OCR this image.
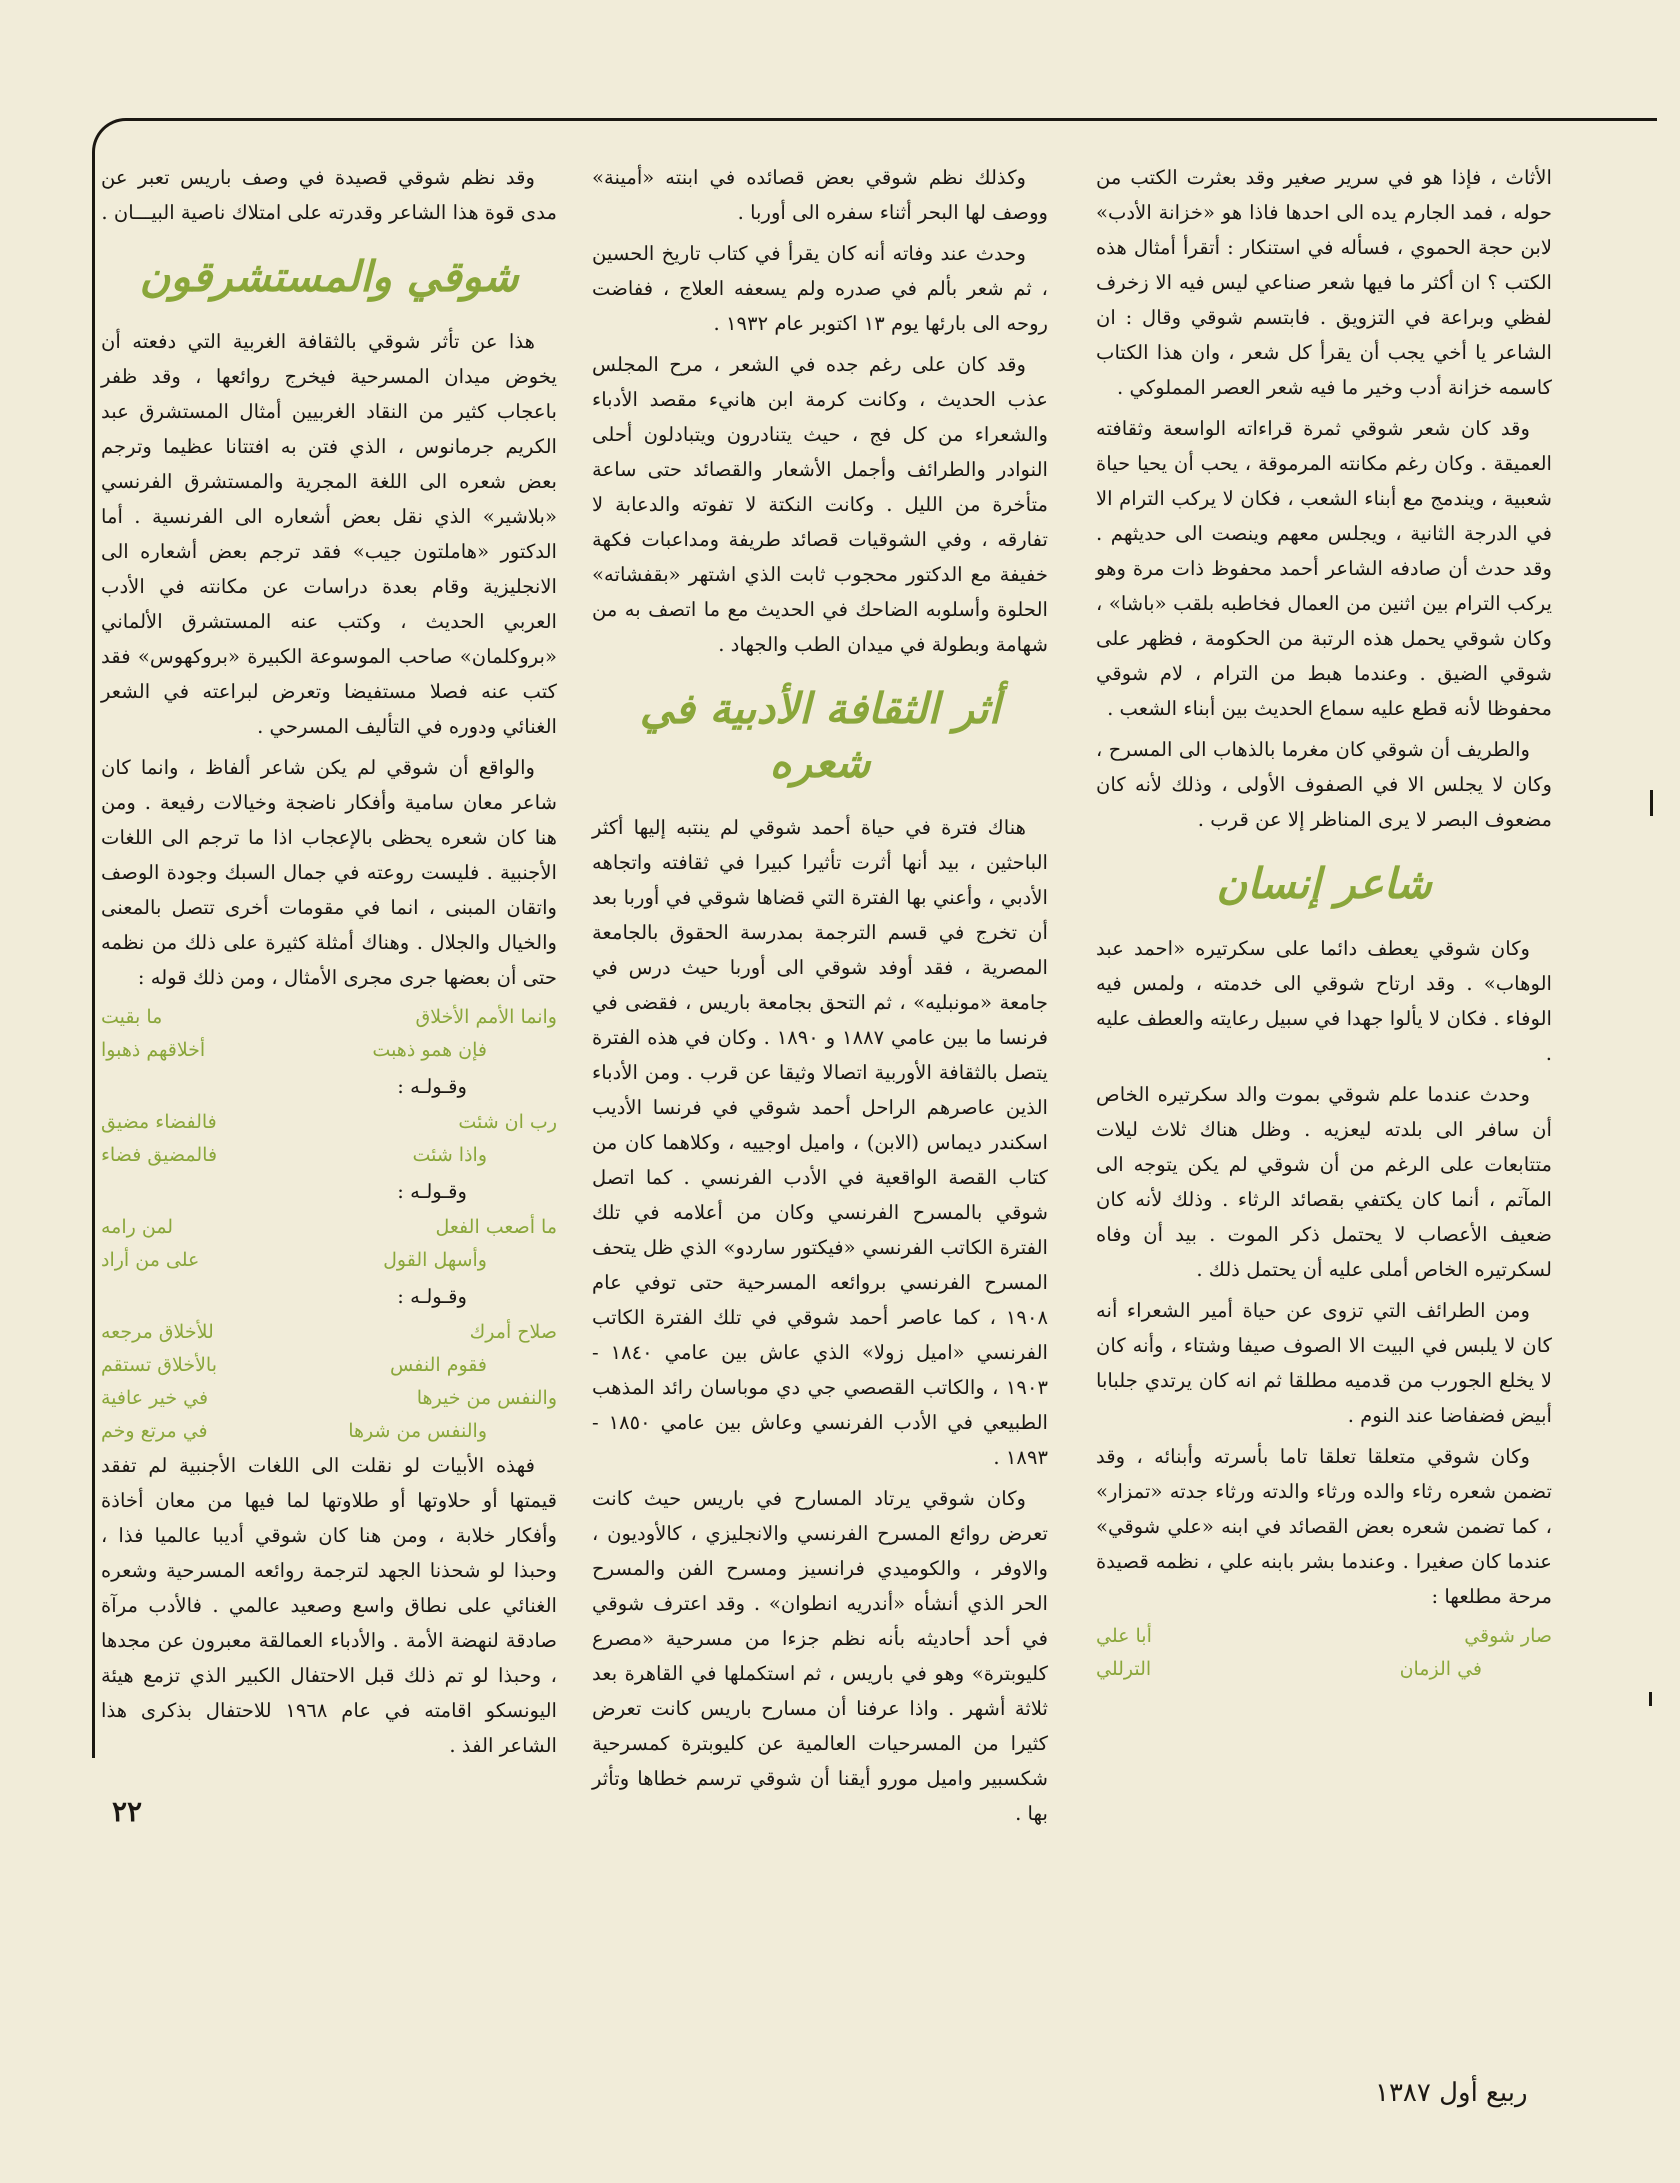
الأثاث ، فإذا هو في سرير صغير وقد بعثرت الكتب من حوله ، فمد الجارم يده الى احدها فاذا هو «خزانة الأدب» لابن حجة الحموي ، فسأله في استنكار : أتقرأ أمثال هذه الكتب ؟ ان أكثر ما فيها شعر صناعي ليس فيه الا زخرف لفظي وبراعة في التزويق . فابتسم شوقي وقال : ان الشاعر يا أخي يجب أن يقرأ كل شعر ، وان هذا الكتاب كاسمه خزانة أدب وخير ما فيه شعر العصر المملوكي .

وقد كان شعر شوقي ثمرة قراءاته الواسعة وثقافته العميقة . وكان رغم مكانته المرموقة ، يحب أن يحيا حياة شعبية ، ويندمج مع أبناء الشعب ، فكان لا يركب الترام الا في الدرجة الثانية ، ويجلس معهم وينصت الى حديثهم . وقد حدث أن صادفه الشاعر أحمد محفوظ ذات مرة وهو يركب الترام بين اثنين من العمال فخاطبه بلقب «باشا» ، وكان شوقي يحمل هذه الرتبة من الحكومة ، فظهر على شوقي الضيق . وعندما هبط من الترام ، لام شوقي محفوظا لأنه قطع عليه سماع الحديث بين أبناء الشعب .

والطريف أن شوقي كان مغرما بالذهاب الى المسرح ، وكان لا يجلس الا في الصفوف الأولى ، وذلك لأنه كان مضعوف البصر لا يرى المناظر إلا عن قرب .

شاعر إنسان

وكان شوقي يعطف دائما على سكرتيره «احمد عبد الوهاب» . وقد ارتاح شوقي الى خدمته ، ولمس فيه الوفاء . فكان لا يألوا جهدا في سبيل رعايته والعطف عليه .

وحدث عندما علم شوقي بموت والد سكرتيره الخاص أن سافر الى بلدته ليعزيه . وظل هناك ثلاث ليلات متتابعات على الرغم من أن شوقي لم يكن يتوجه الى المآتم ، أنما كان يكتفي بقصائد الرثاء . وذلك لأنه كان ضعيف الأعصاب لا يحتمل ذكر الموت . بيد أن وفاه لسكرتيره الخاص أملى عليه أن يحتمل ذلك .

ومن الطرائف التي تزوى عن حياة أمير الشعراء أنه كان لا يلبس في البيت الا الصوف صيفا وشتاء ، وأنه كان لا يخلع الجورب من قدميه مطلقا ثم انه كان يرتدي جلبابا أبيض فضفاضا عند النوم .

وكان شوقي متعلقا تعلقا تاما بأسرته وأبنائه ، وقد تضمن شعره رثاء والده ورثاء والدته ورثاء جدته «تمزار» ، كما تضمن شعره بعض القصائد في ابنه «علي شوقي» عندما كان صغيرا . وعندما بشر بابنه علي ، نظمه قصيدة مرحة مطلعها :

صار شوقي
أبا علي
في الزمان
الترللي

وكذلك نظم شوقي بعض قصائده في ابنته «أمينة» ووصف لها البحر أثناء سفره الى أوربا .

وحدث عند وفاته أنه كان يقرأ في كتاب تاريخ الحسين ، ثم شعر بألم في صدره ولم يسعفه العلاج ، ففاضت روحه الى بارئها يوم ١٣ اكتوبر عام ١٩٣٢ .

وقد كان على رغم جده في الشعر ، مرح المجلس عذب الحديث ، وكانت كرمة ابن هانيء مقصد الأدباء والشعراء من كل فج ، حيث يتنادرون ويتبادلون أحلى النوادر والطرائف وأجمل الأشعار والقصائد حتى ساعة متأخرة من الليل . وكانت النكتة لا تفوته والدعابة لا تفارقه ، وفي الشوقيات قصائد طريفة ومداعبات فكهة خفيفة مع الدكتور محجوب ثابت الذي اشتهر «بقفشاته» الحلوة وأسلوبه الضاحك في الحديث مع ما اتصف به من شهامة وبطولة في ميدان الطب والجهاد .

أثر الثقافة الأدبية في شعره

هناك فترة في حياة أحمد شوقي لم ينتبه إليها أكثر الباحثين ، بيد أنها أثرت تأثيرا كبيرا في ثقافته واتجاهه الأدبي ، وأعني بها الفترة التي قضاها شوقي في أوربا بعد أن تخرج في قسم الترجمة بمدرسة الحقوق بالجامعة المصرية ، فقد أوفد شوقي الى أوربا حيث درس في جامعة «مونبليه» ، ثم التحق بجامعة باريس ، فقضى في فرنسا ما بين عامي ١٨٨٧ و ١٨٩٠ . وكان في هذه الفترة يتصل بالثقافة الأوربية اتصالا وثيقا عن قرب . ومن الأدباء الذين عاصرهم الراحل أحمد شوقي في فرنسا الأديب اسكندر ديماس (الابن) ، واميل اوجييه ، وكلاهما كان من كتاب القصة الواقعية في الأدب الفرنسي . كما اتصل شوقي بالمسرح الفرنسي وكان من أعلامه في تلك الفترة الكاتب الفرنسي «فيكتور ساردو» الذي ظل يتحف المسرح الفرنسي بروائعه المسرحية حتى توفي عام ١٩٠٨ ، كما عاصر أحمد شوقي في تلك الفترة الكاتب الفرنسي «اميل زولا» الذي عاش بين عامي ١٨٤٠ - ١٩٠٣ ، والكاتب القصصي جي دي موباسان رائد المذهب الطبيعي في الأدب الفرنسي وعاش بين عامي ١٨٥٠ - ١٨٩٣ .

وكان شوقي يرتاد المسارح في باريس حيث كانت تعرض روائع المسرح الفرنسي والانجليزي ، كالأوديون ، والاوفر ، والكوميدي فرانسيز ومسرح الفن والمسرح الحر الذي أنشأه «أندريه انطوان» . وقد اعترف شوقي في أحد أحاديثه بأنه نظم جزءا من مسرحية «مصرع كليوبترة» وهو في باريس ، ثم استكملها في القاهرة بعد ثلاثة أشهر . واذا عرفنا أن مسارح باريس كانت تعرض كثيرا من المسرحيات العالمية عن كليوبترة كمسرحية شكسبير واميل مورو أيقنا أن شوقي ترسم خطاها وتأثر بها .

وقد نظم شوقي قصيدة في وصف باريس تعبر عن مدى قوة هذا الشاعر وقدرته على امتلاك ناصية البيـــان .

شوقي والمستشرقون

هذا عن تأثر شوقي بالثقافة الغربية التي دفعته أن يخوض ميدان المسرحية فيخرج روائعها ، وقد ظفر باعجاب كثير من النقاد الغربيين أمثال المستشرق عبد الكريم جرمانوس ، الذي فتن به افتتانا عظيما وترجم بعض شعره الى اللغة المجرية والمستشرق الفرنسي «بلاشير» الذي نقل بعض أشعاره الى الفرنسية . أما الدكتور «هاملتون جيب» فقد ترجم بعض أشعاره الى الانجليزية وقام بعدة دراسات عن مكانته في الأدب العربي الحديث ، وكتب عنه المستشرق الألماني «بروكلمان» صاحب الموسوعة الكبيرة «بروكهوس» فقد كتب عنه فصلا مستفيضا وتعرض لبراعته في الشعر الغنائي ودوره في التأليف المسرحي .

والواقع أن شوقي لم يكن شاعر ألفاظ ، وانما كان شاعر معان سامية وأفكار ناضجة وخيالات رفيعة . ومن هنا كان شعره يحظى بالإعجاب اذا ما ترجم الى اللغات الأجنبية . فليست روعته في جمال السبك وجودة الوصف واتقان المبنى ، انما في مقومات أخرى تتصل بالمعنى والخيال والجلال . وهناك أمثلة كثيرة على ذلك من نظمه حتى أن بعضها جرى مجرى الأمثال ، ومن ذلك قوله :

وانما الأمم الأخلاق
ما بقيت
فإن همو ذهبت
أخلاقهم ذهبوا
وقـولـه :
رب ان شئت
فالفضاء مضيق
واذا شئت
فالمضيق فضاء
وقـولـه :
ما أصعب الفعل
لمن رامه
وأسهل القول
على من أراد
وقـولـه :
صلاح أمرك
للأخلاق مرجعه
فقوم النفس
بالأخلاق تستقم
والنفس من خيرها
في خير عافية
والنفس من شرها
في مرتع وخم

فهذه الأبيات لو نقلت الى اللغات الأجنبية لم تفقد قيمتها أو حلاوتها أو طلاوتها لما فيها من معان أخاذة وأفكار خلابة ، ومن هنا كان شوقي أديبا عالميا فذا ، وحبذا لو شحذنا الجهد لترجمة روائعه المسرحية وشعره الغنائي على نطاق واسع وصعيد عالمي . فالأدب مرآة صادقة لنهضة الأمة . والأدباء العمالقة معبرون عن مجدها ، وحبذا لو تم ذلك قبل الاحتفال الكبير الذي تزمع هيئة اليونسكو اقامته في عام ١٩٦٨ للاحتفال بذكرى هذا الشاعر الفذ .

٢٢
ربيع أول ١٣٨٧
